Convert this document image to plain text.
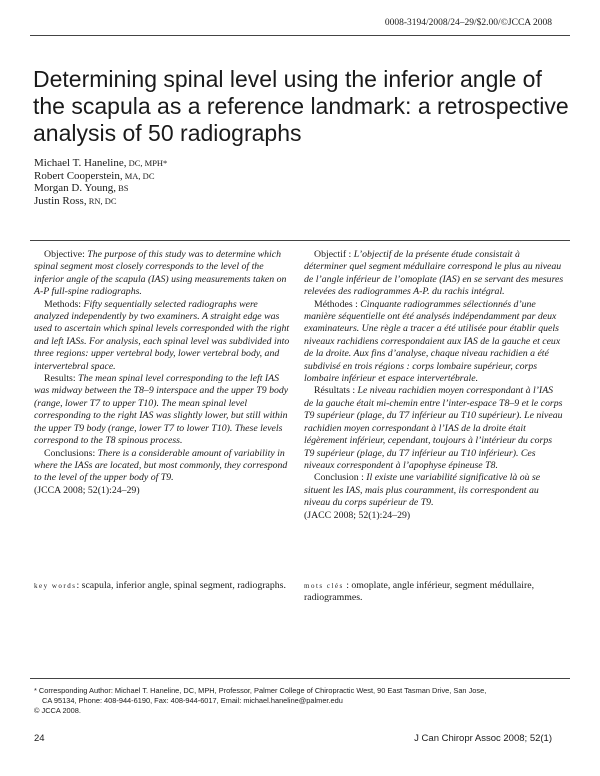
0008-3194/2008/24–29/$2.00/©JCCA 2008
Determining spinal level using the inferior angle of the scapula as a reference landmark: a retrospective analysis of 50 radiographs
Michael T. Haneline, DC, MPH*
Robert Cooperstein, MA, DC
Morgan D. Young, BS
Justin Ross, RN, DC

Objective: The purpose of this study was to determine which spinal segment most closely corresponds to the level of the inferior angle of the scapula (IAS) using measurements taken on A-P full-spine radiographs.

Methods: Fifty sequentially selected radiographs were analyzed independently by two examiners. A straight edge was used to ascertain which spinal levels corresponded with the right and left IASs. For analysis, each spinal level was subdivided into three regions: upper vertebral body, lower vertebral body, and intervertebral space.

Results: The mean spinal level corresponding to the left IAS was midway between the T8–9 interspace and the upper T9 body (range, lower T7 to upper T10). The mean spinal level corresponding to the right IAS was slightly lower, but still within the upper T9 body (range, lower T7 to lower T10). These levels correspond to the T8 spinous process.

Conclusions: There is a considerable amount of variability in where the IASs are located, but most commonly, they correspond to the level of the upper body of T9.

(JCCA 2008; 52(1):24–29)

Objectif : L’objectif de la présente étude consistait à déterminer quel segment médullaire correspond le plus au niveau de l’angle inférieur de l’omoplate (IAS) en se servant des mesures relevées des radiogrammes A-P. du rachis intégral.

Méthodes : Cinquante radiogrammes sélectionnés d’une manière séquentielle ont été analysés indépendamment par deux examinateurs. Une règle a tracer a été utilisée pour établir quels niveaux rachidiens correspondaient aux IAS de la gauche et ceux de la droite. Aux fins d’analyse, chaque niveau rachidien a été subdivisé en trois régions : corps lombaire supérieur, corps lombaire inférieur et espace intervertébrale.

Résultats : Le niveau rachidien moyen correspondant à l’IAS de la gauche était mi-chemin entre l’inter-espace T8–9 et le corps T9 supérieur (plage, du T7 inférieur au T10 supérieur). Le niveau rachidien moyen correspondant à l’IAS de la droite était légèrement inférieur, cependant, toujours à l’intérieur du corps T9 supérieur (plage, du T7 inférieur au T10 inférieur). Ces niveaux correspondent à l’apophyse épineuse T8.

Conclusion : Il existe une variabilité significative là où se situent les IAS, mais plus couramment, ils correspondent au niveau du corps supérieur de T9.

(JACC 2008; 52(1):24–29)

key words: scapula, inferior angle, spinal segment, radiographs.	mots clés : omoplate, angle inférieur, segment médullaire, radiogrammes.
* Corresponding Author: Michael T. Haneline, DC, MPH, Professor, Palmer College of Chiropractic West, 90 East Tasman Drive, San Jose,
CA 95134, Phone: 408-944-6190, Fax: 408-944-6017, Email: michael.haneline@palmer.edu
© JCCA 2008.
24	J Can Chiropr Assoc 2008; 52(1)
